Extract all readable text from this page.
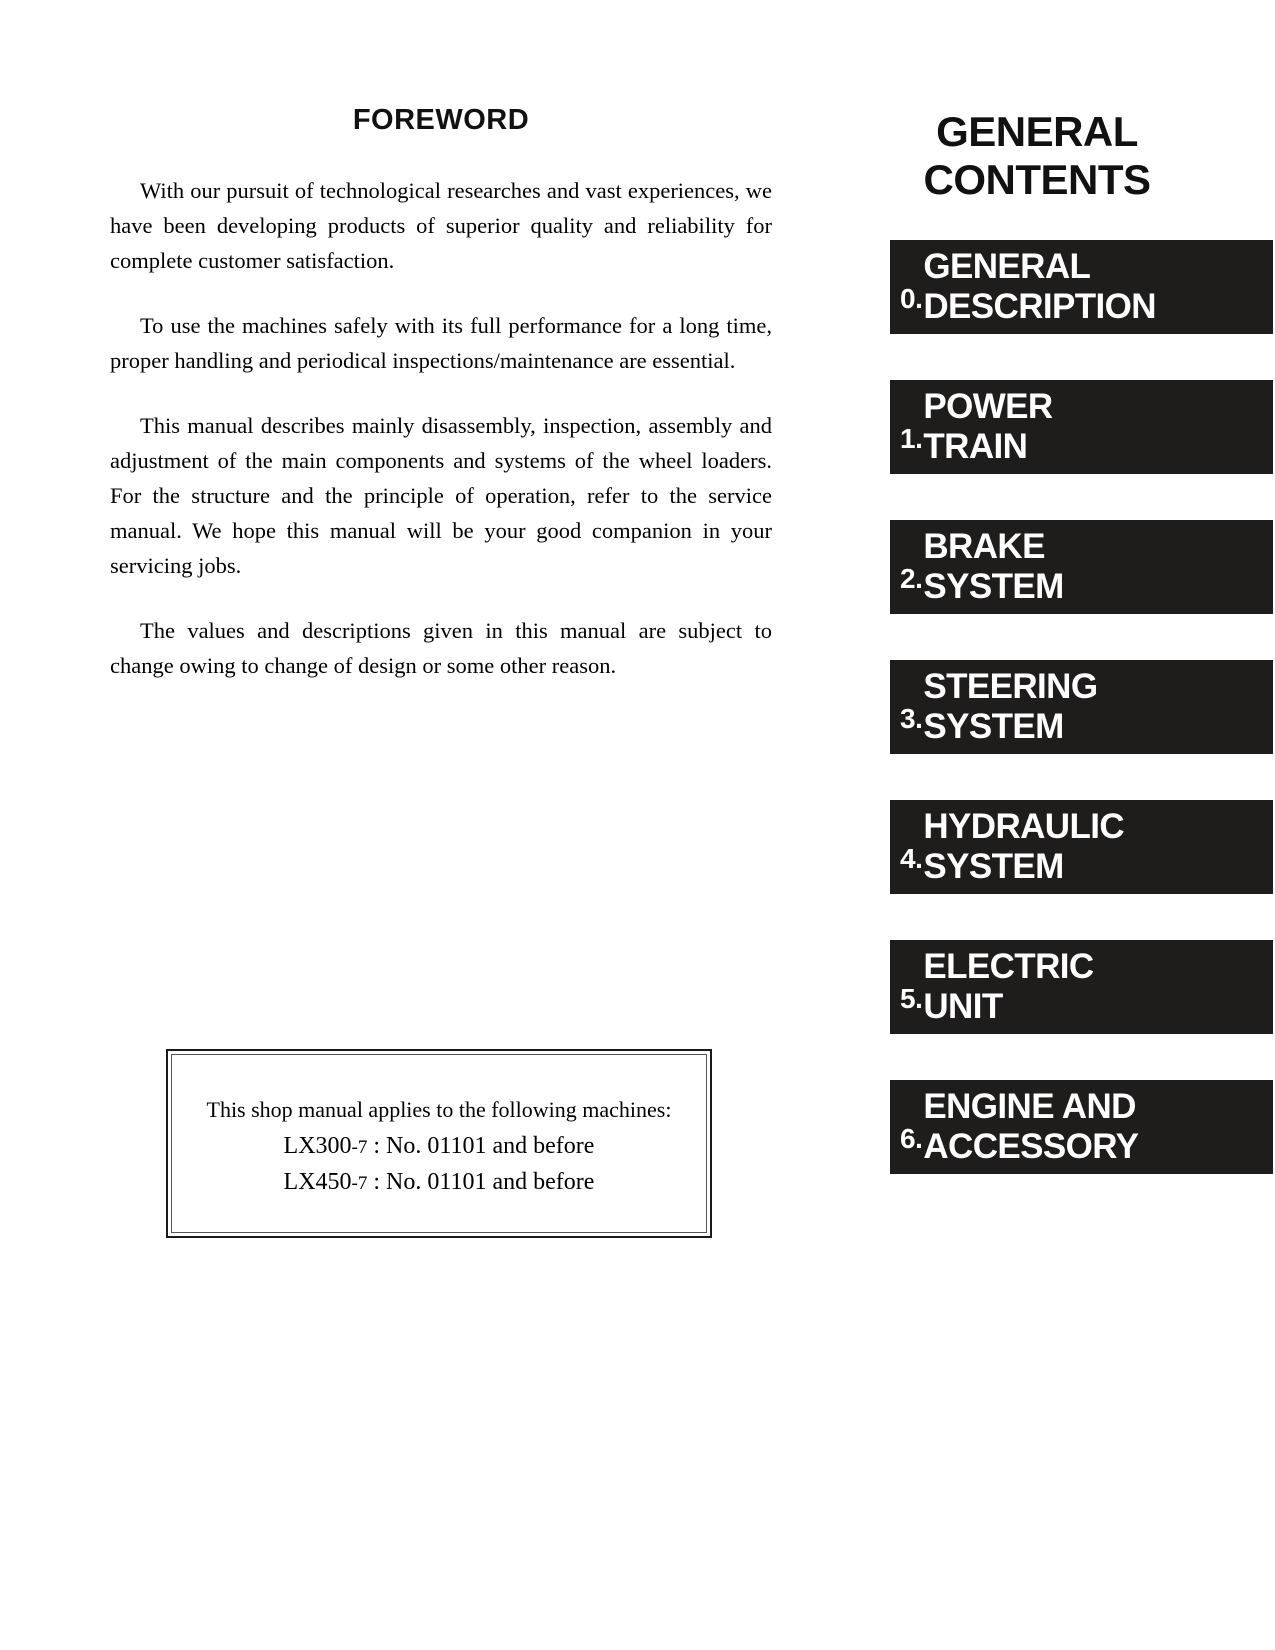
FOREWORD

With our pursuit of technological researches and vast experiences, we have been developing products of superior quality and reliability for complete customer satisfaction.

To use the machines safely with its full performance for a long time, proper handling and periodical inspections/maintenance are essential.

This manual describes mainly disassembly, inspection, assembly and adjustment of the main components and systems of the wheel loaders. For the structure and the principle of operation, refer to the service manual. We hope this manual will be your good companion in your servicing jobs.

The values and descriptions given in this manual are subject to change owing to change of design or some other reason.

This shop manual applies to the following machines:

LX300-7 : No. 01101 and before

LX450-7 : No. 01101 and before

GENERAL
CONTENTS
0.
GENERAL
DESCRIPTION
1.
POWER
TRAIN
2.
BRAKE
SYSTEM
3.
STEERING
SYSTEM
4.
HYDRAULIC
SYSTEM
5.
ELECTRIC
UNIT
6.
ENGINE AND
ACCESSORY
